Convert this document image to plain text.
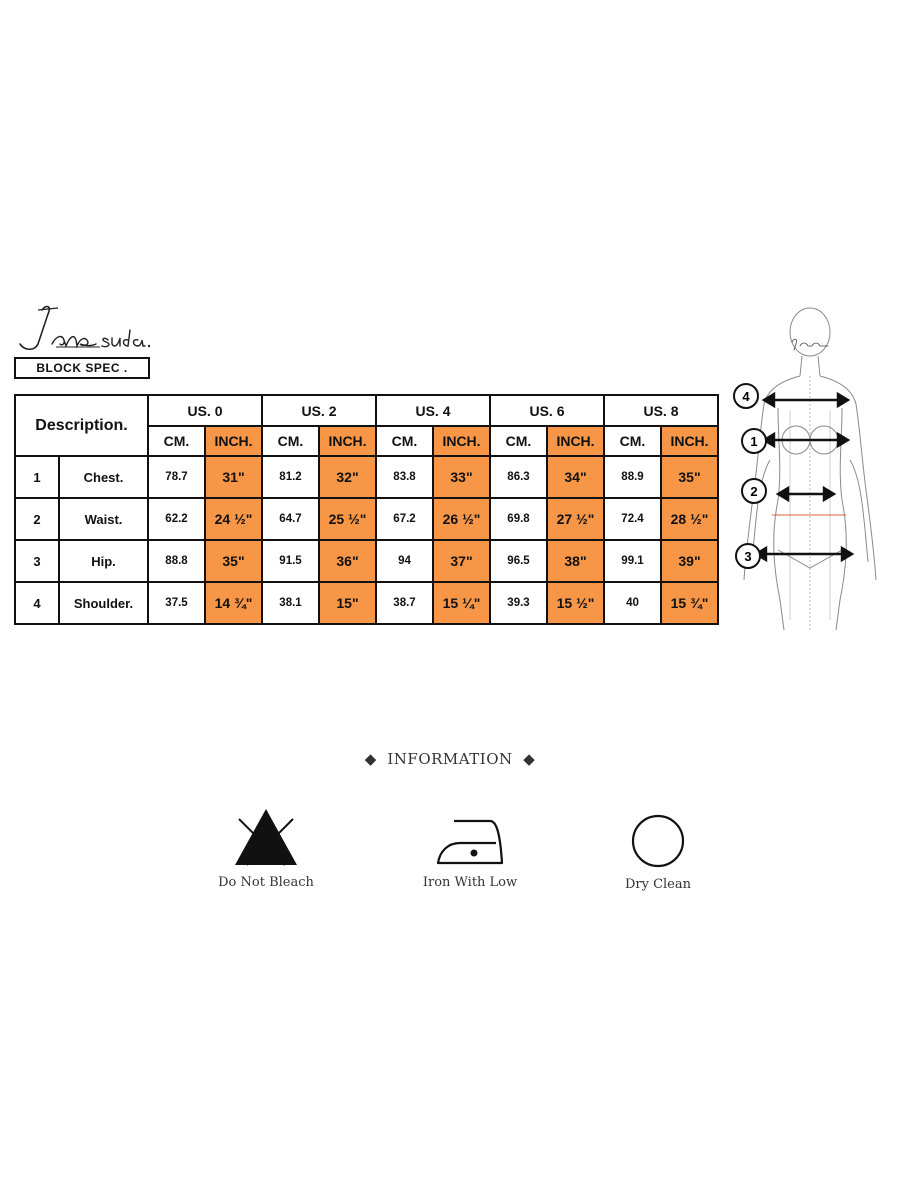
BLOCK SPEC .
Description.		US. 0		US. 2		US. 4		US. 6		US. 8	
		CM.	INCH.	CM.	INCH.	CM.	INCH.	CM.	INCH.	CM.	INCH.
1	Chest.	78.7	31"	81.2	32"	83.8	33"	86.3	34"	88.9	35"
2	Waist.	62.2	24 ½"	64.7	25 ½"	67.2	26 ½"	69.8	27 ½"	72.4	28 ½"
3	Hip.	88.8	35"	91.5	36"	94	37"	96.5	38"	99.1	39"
4	Shoulder.	37.5	14 ¾"	38.1	15"	38.7	15 ¼"	39.3	15 ½"	40	15 ¾"
4
1
2
3
◆ INFORMATION ◆
Do Not Bleach	Iron With Low	Dry Clean
